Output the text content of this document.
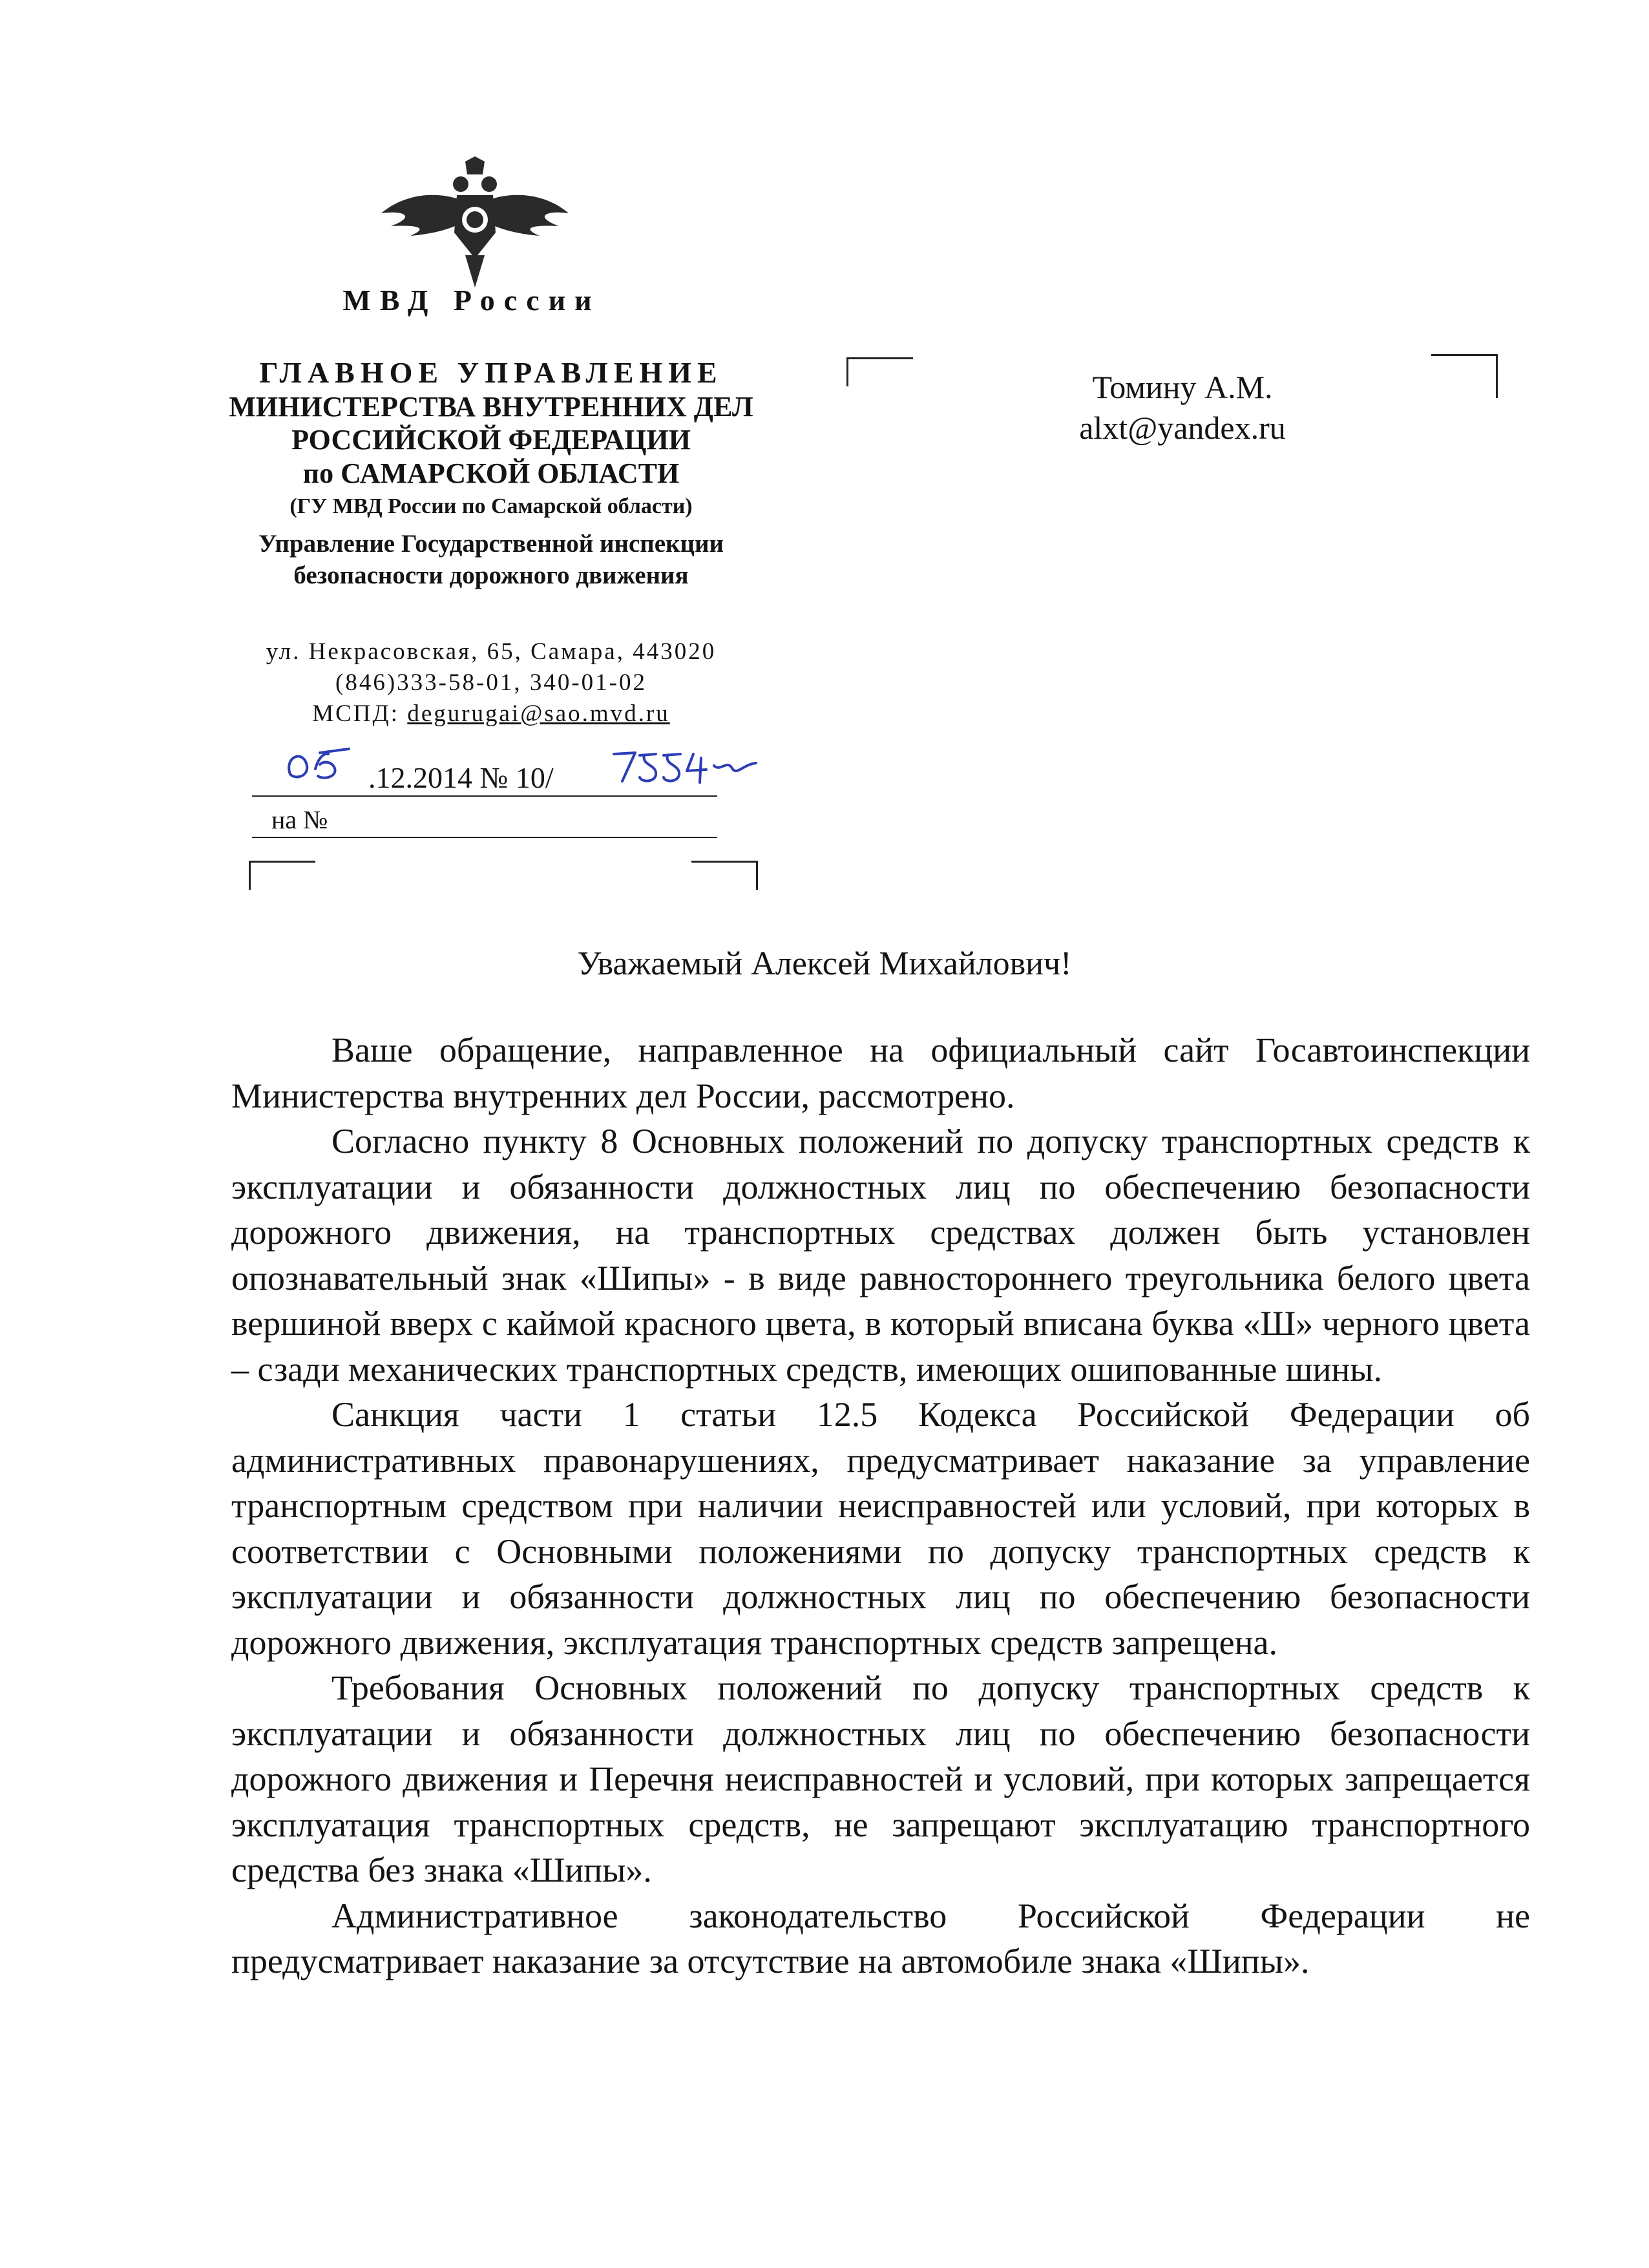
МВД России
ГЛАВНОЕ УПРАВЛЕНИЕ
МИНИСТЕРСТВА ВНУТРЕННИХ ДЕЛ
РОССИЙСКОЙ ФЕДЕРАЦИИ
по САМАРСКОЙ ОБЛАСТИ
(ГУ МВД России по Самарской области)
Управление Государственной инспекции
безопасности дорожного движения
ул. Некрасовская, 65, Самара, 443020
(846)333-58-01, 340-01-02
МСПД: degurugai@sao.mvd.ru
.12.2014 № 10/
на №
Томину А.М.
alxt@yandex.ru
Уважаемый Алексей Михайлович!

Ваше обращение, направленное на официальный сайт Госавтоинспекции Министерства внутренних дел России, рассмотрено.

Согласно пункту 8 Основных положений по допуску транспортных средств к эксплуатации и обязанности должностных лиц по обеспечению безопасности дорожного движения, на транспортных средствах должен быть установлен опознавательный знак «Шипы» - в виде равностороннего треугольника белого цвета вершиной вверх с каймой красного цвета, в который вписана буква «Ш» черного цвета – сзади механических транспортных средств, имеющих ошипованные шины.

Санкция части 1 статьи 12.5 Кодекса Российской Федерации об административных правонарушениях, предусматривает наказание за управление транспортным средством при наличии неисправностей или условий, при которых в соответствии с Основными положениями по допуску транспортных средств к эксплуатации и обязанности должностных лиц по обеспечению безопасности дорожного движения, эксплуатация транспортных средств запрещена.

Требования Основных положений по допуску транспортных средств к эксплуатации и обязанности должностных лиц по обеспечению безопасности дорожного движения и Перечня неисправностей и условий, при которых запрещается эксплуатация транспортных средств, не запрещают эксплуатацию транспортного средства без знака «Шипы».

Административное законодательство Российской Федерации не предусматривает наказание за отсутствие на автомобиле знака «Шипы».
